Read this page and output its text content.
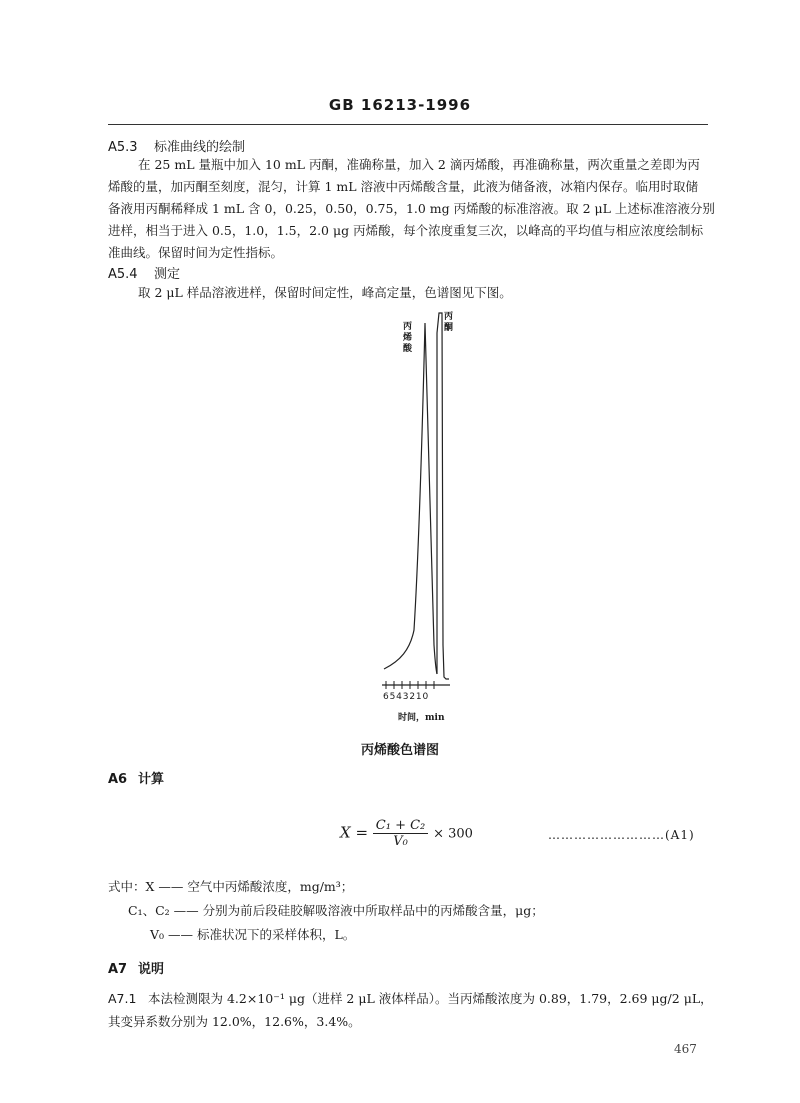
GB 16213-1996
A5.3 标准曲线的绘制
在 25 mL 量瓶中加入 10 mL 丙酮，准确称量，加入 2 滴丙烯酸，再准确称量，两次重量之差即为丙
烯酸的量，加丙酮至刻度，混匀，计算 1 mL 溶液中丙烯酸含量，此液为储备液，冰箱内保存。临用时取储
备液用丙酮稀释成 1 mL 含 0，0.25，0.50，0.75，1.0 mg 丙烯酸的标准溶液。取 2 μL 上述标准溶液分别
进样，相当于进入 0.5，1.0，1.5，2.0 μg 丙烯酸，每个浓度重复三次，以峰高的平均值与相应浓度绘制标
准曲线。保留时间为定性指标。
A5.4 测定
取 2 μL 样品溶液进样，保留时间定性，峰高定量，色谱图见下图。
丙
烯
酸
丙
酮
6 5 4 3 2 1 0
时间，min
丙烯酸色谱图
A6 计算
$X = \frac{\text{C₁ + C₂}}{\text{V₀}} \times 300$	………………………(A1)
式中：X —— 空气中丙烯酸浓度，mg/m³；
C₁、C₂ —— 分别为前后段硅胶解吸溶液中所取样品中的丙烯酸含量，μg；
V₀ —— 标准状况下的采样体积，L。
A7 说明
A7.1 本法检测限为 4.2×10⁻¹ μg（进样 2 μL 液体样品）。当丙烯酸浓度为 0.89，1.79，2.69 μg/2 μL，
其变异系数分别为 12.0%，12.6%，3.4%。
467
